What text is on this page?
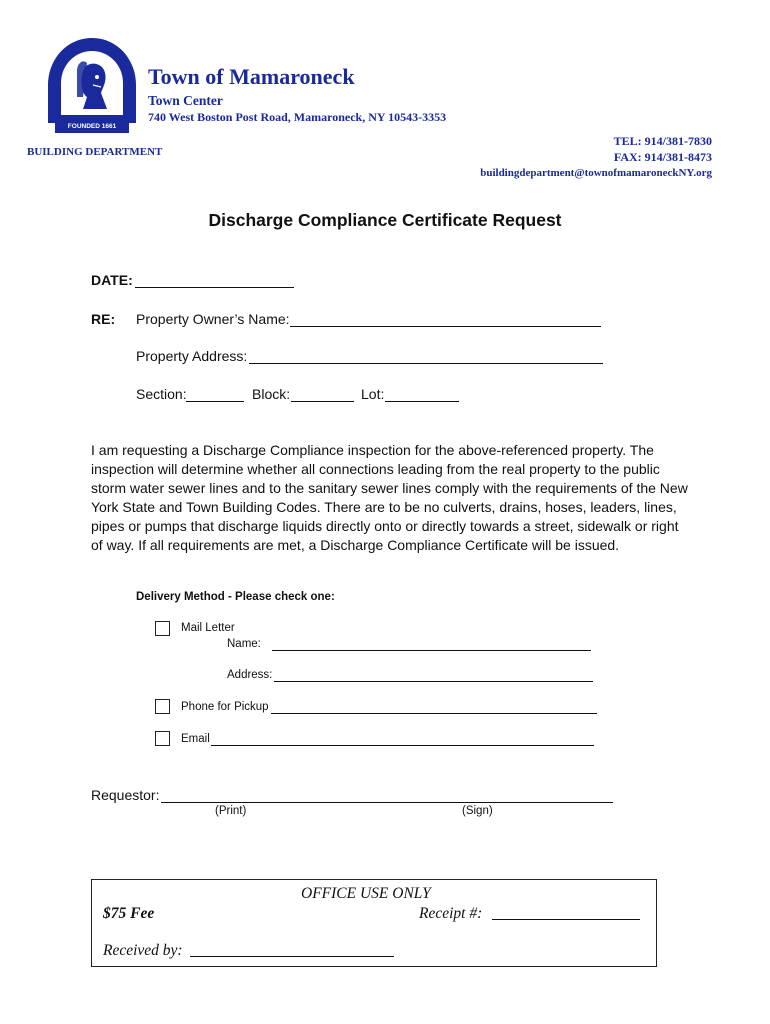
FOUNDED 1661
Town of Mamaroneck
Town Center
740 West Boston Post Road, Mamaroneck, NY 10543-3353
BUILDING DEPARTMENT
TEL: 914/381-7830
FAX: 914/381-8473
buildingdepartment@townofmamaroneckNY.org
Discharge Compliance Certificate Request
DATE:
RE: Property Owner’s Name:
Property Address:
Section:	Block:	Lot:
I am requesting a Discharge Compliance inspection for the above-referenced property. The inspection will determine whether all connections leading from the real property to the public storm water sewer lines and to the sanitary sewer lines comply with the requirements of the New York State and Town Building Codes. There are to be no culverts, drains, hoses, leaders, lines, pipes or pumps that discharge liquids directly onto or directly towards a street, sidewalk or right of way. If all requirements are met, a Discharge Compliance Certificate will be issued.
Delivery Method - Please check one:
Mail Letter
Name:
Address:
Phone for Pickup
Email
Requestor:
(Print)	(Sign)
OFFICE USE ONLY
$75 Fee	Receipt #:
Received by:
